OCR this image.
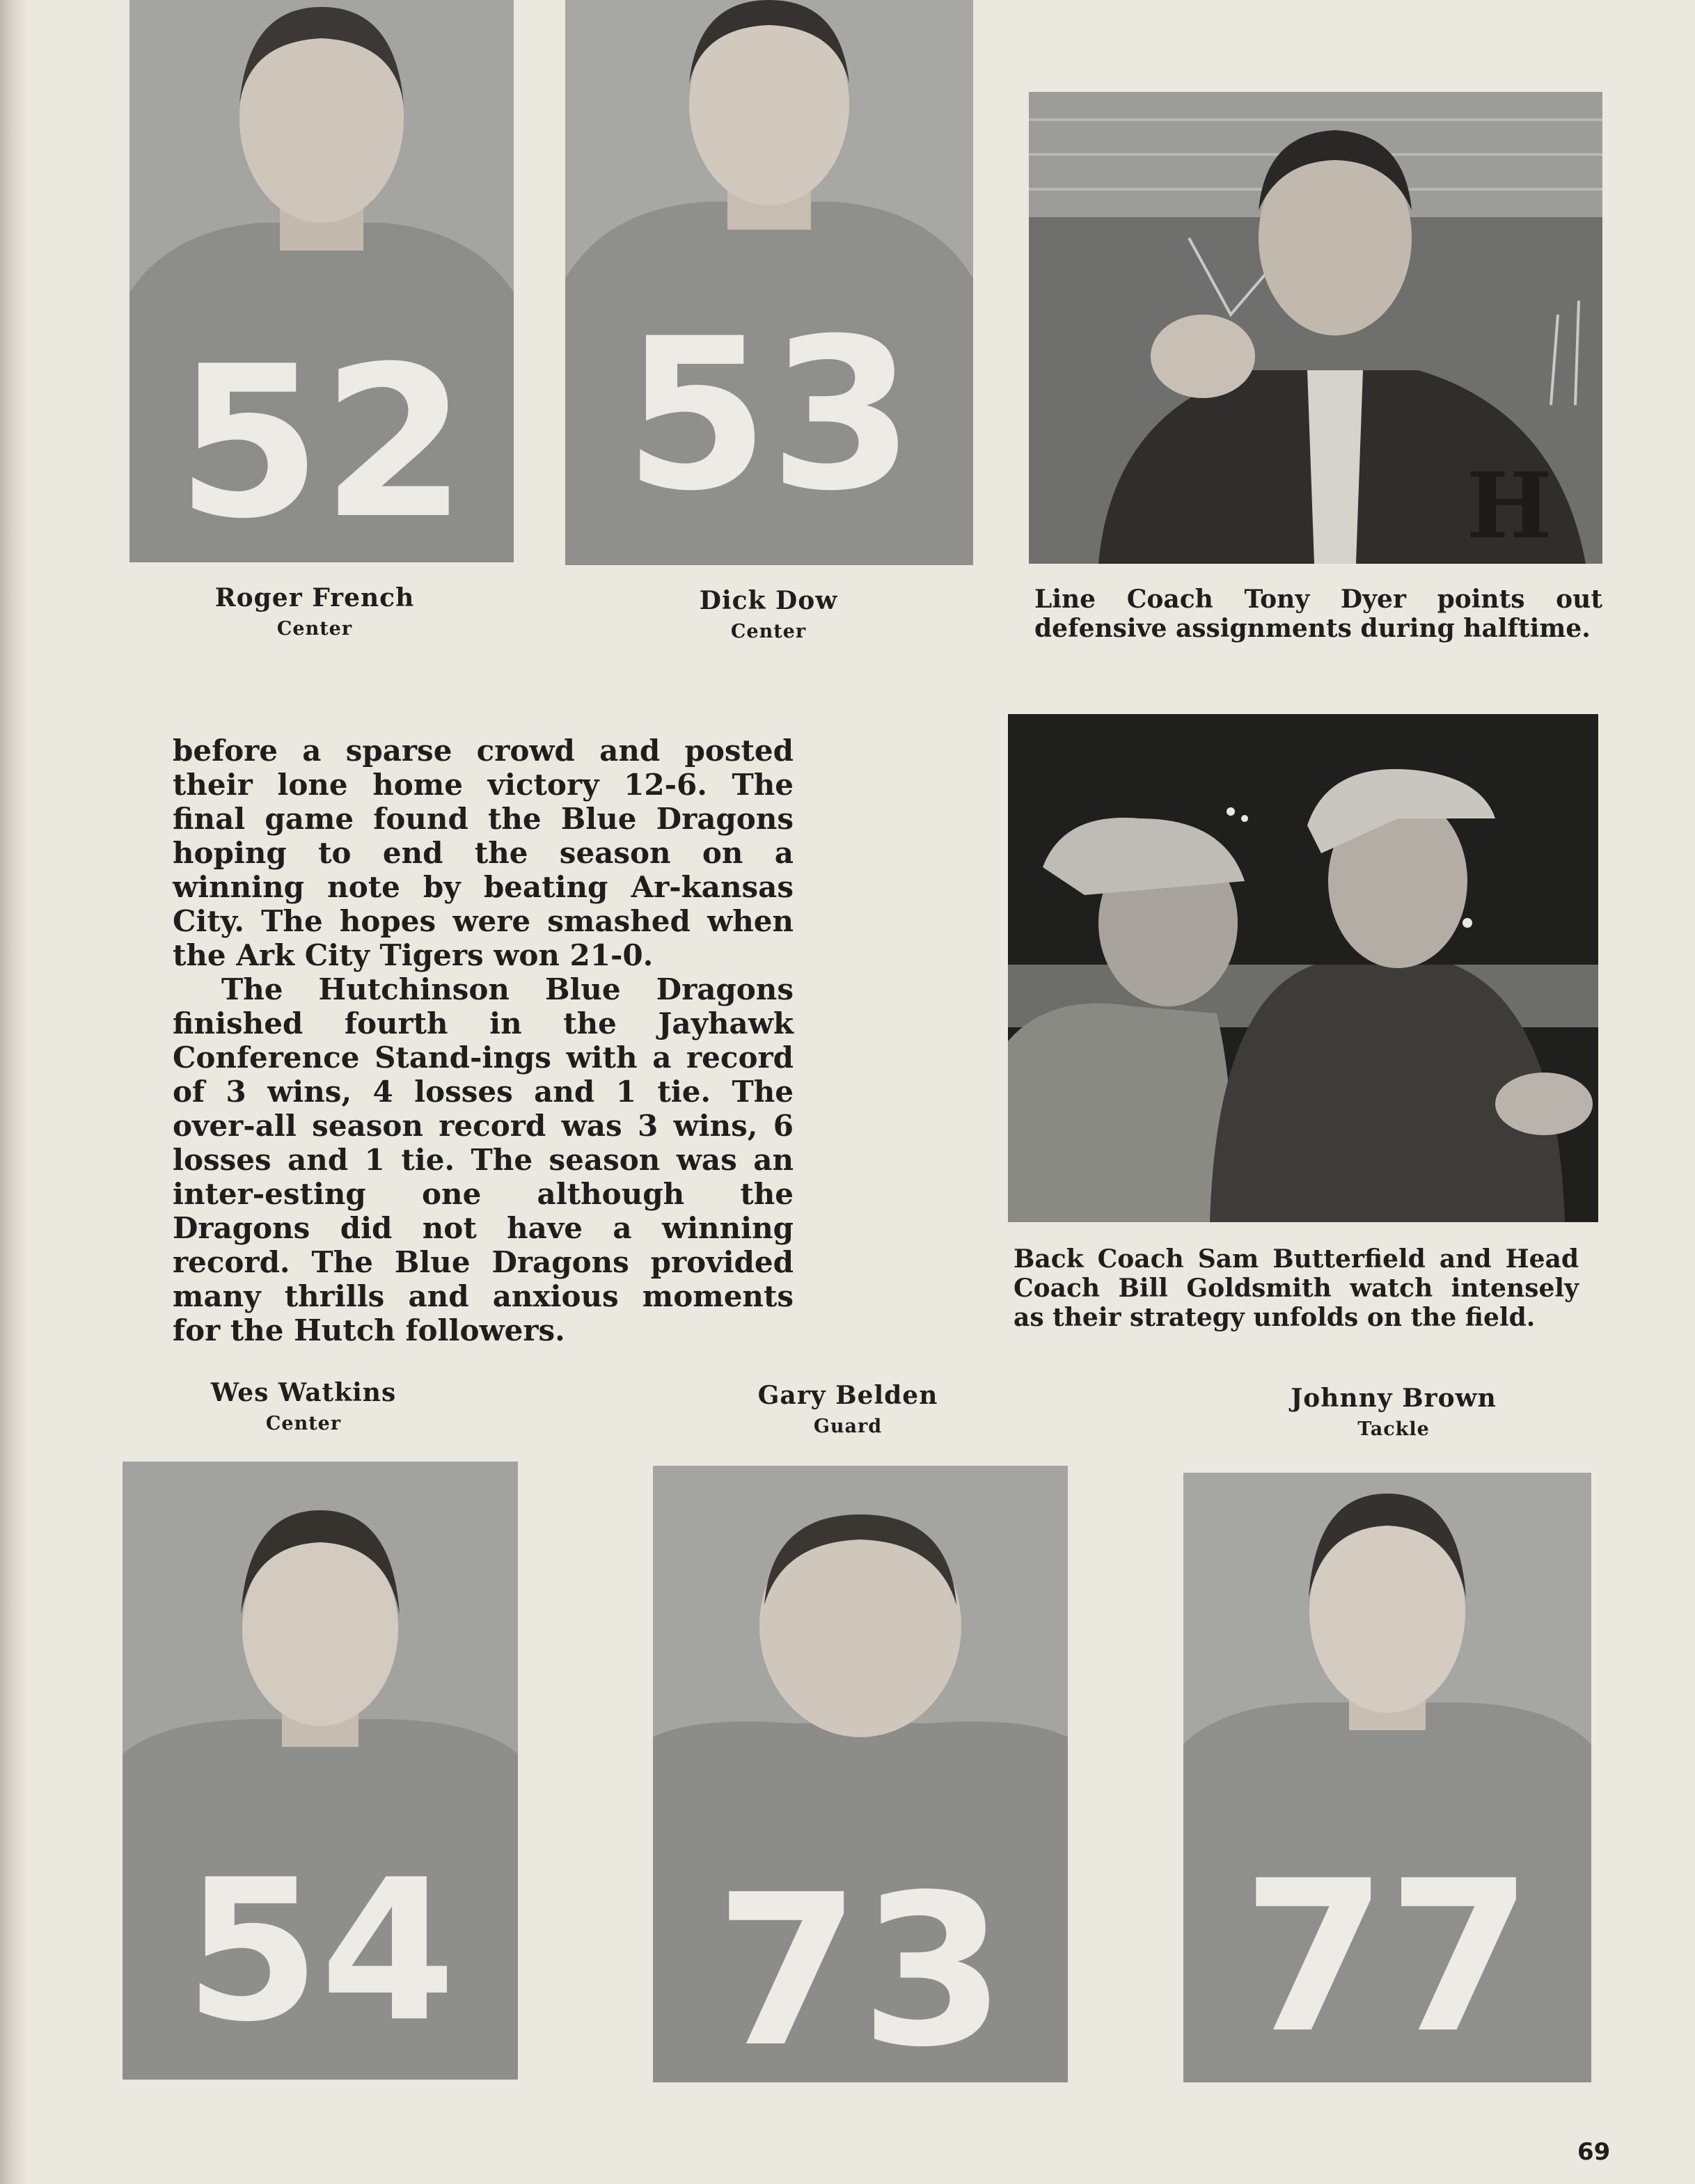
52 53	H
Roger French
Center
Dick Dow
Center

Line Coach Tony Dyer points out defensive assignments during halftime.

before a sparse crowd and posted their lone home victory 12-6. The final game found the Blue Dragons hoping to end the season on a winning note by beating Ar-kansas City. The hopes were smashed when the Ark City Tigers won 21-0.

The Hutchinson Blue Dragons finished fourth in the Jayhawk Conference Stand-ings with a record of 3 wins, 4 losses and 1 tie. The over-all season record was 3 wins, 6 losses and 1 tie. The season was an inter-esting one although the Dragons did not have a winning record. The Blue Dragons provided many thrills and anxious moments for the Hutch followers.

Back Coach Sam Butterfield and Head Coach Bill Goldsmith watch intensely as their strategy unfolds on the field.

Wes Watkins
Center
Gary Belden
Guard
Johnny Brown
Tackle
54 73 77
69
